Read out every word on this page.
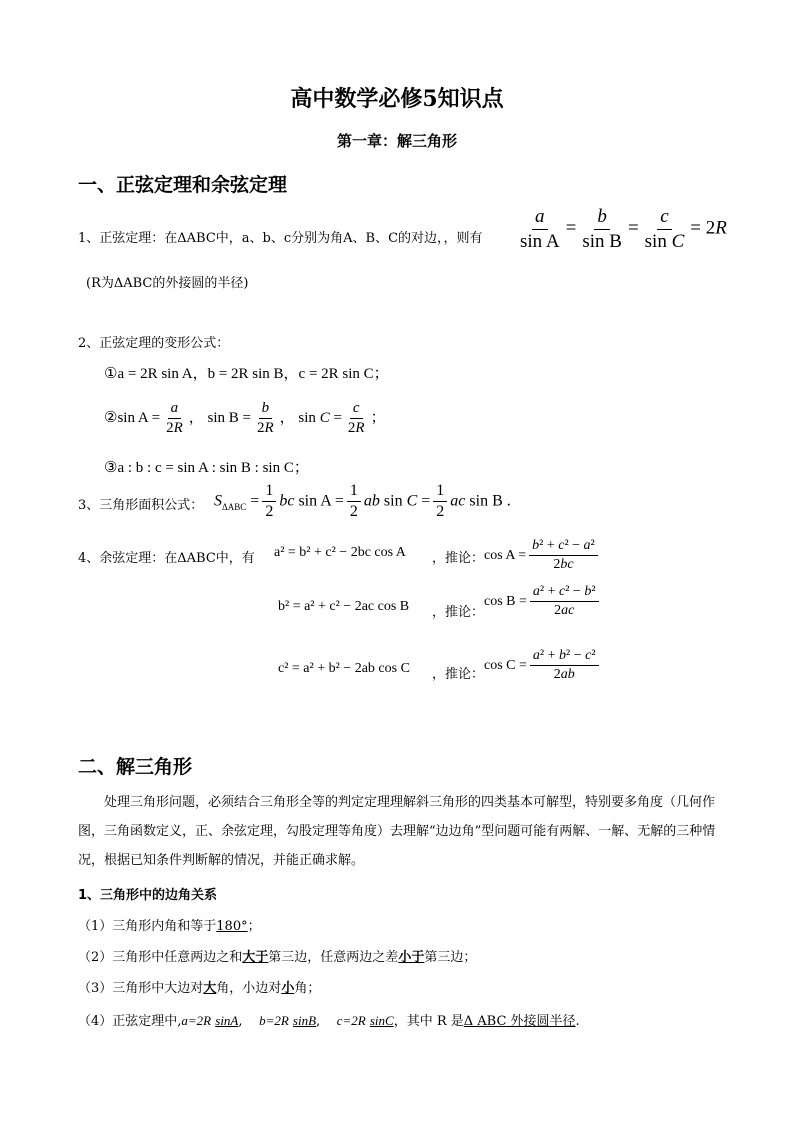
高中数学必修5知识点
第一章：解三角形
一、正弦定理和余弦定理
1、正弦定理：在ΔABC中，a、b、c分别为角A、B、C的对边，，则有 $\frac{a}{\text{sin A}} = \frac{b}{\text{sin B}} = \frac{c}{\text{sin C}} = 2R$
(R为ΔABC的外接圆的半径)
2、正弦定理的变形公式：
①a = 2R sin A，b = 2R sin B，c = 2R sin C；
②sin $A = \frac{a}{2R}$ ， $\sin B = \frac{b}{2R}$ ， $\sin C = \frac{c}{2R}$ ；
③a : b : c = sin A : sin B : sin C；
3、三角形面积公式： $S_{\Delta ABC} = \frac{1}{2}$ bc $\sin A = \frac{1}{2}$ ab $\sin C = \frac{1}{2}$ ac sin B .
4、余弦定理：在ΔABC中，有 a² = b² + c² − 2bc cos A ，推论： $\cos A = \frac{\text{b² + c² − a²}}{2bc}$
b² = a² + c² − 2ac cos B ，推论：
$\cos B = \frac{\text{a² + c² − b²}}{2ac}$
c² = a² + b² − 2ab cos C ，推论：
$\cos C = \frac{\text{a² + b² − c²}}{2ab}$
二、解三角形
处理三角形问题，必须结合三角形全等的判定定理理解斜三角形的四类基本可解型，特别要多角度（几何作图，三角函数定义，正、余弦定理，勾股定理等角度）去理解“边边角”型问题可能有两解、一解、无解的三种情况，根据已知条件判断解的情况，并能正确求解。
1、三角形中的边角关系
（1）三角形内角和等于180°；
（2）三角形中任意两边之和大于第三边，任意两边之差小于第三边；
（3）三角形中大边对大角，小边对小角；
（4）正弦定理中,a=2R sinA, b=2R sinB, c=2R sinC，其中 R 是Δ ABC 外接圆半径.
